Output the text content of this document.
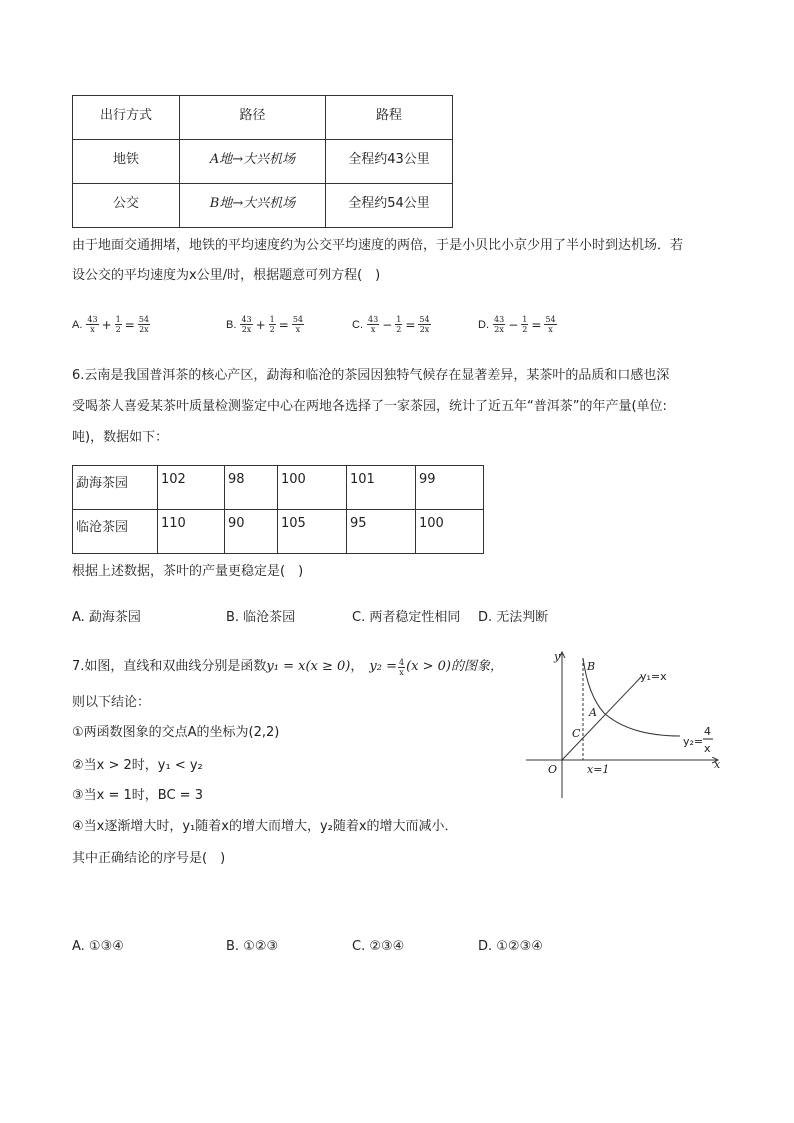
出行方式	路径	路程
地铁	A地→大兴机场	全程约43公里
公交	B地→大兴机场	全程约54公里
由于地面交通拥堵，地铁的平均速度约为公交平均速度的两倍，于是小贝比小京少用了半小时到达机场．若
设公交的平均速度为x公里/时，根据题意可列方程(　)
A. $\frac{43}{x} + \frac{1}{2} = \frac{54}{2x}$	B. $\frac{43}{2x} + \frac{1}{2} = \frac{54}{x}$	C. $\frac{43}{x} - \frac{1}{2} = \frac{54}{2x}$	D. $\frac{43}{2x} - \frac{1}{2} = \frac{54}{x}$
6.云南是我国普洱茶的核心产区，勐海和临沧的茶园因独特气候存在显著差异，某茶叶的品质和口感也深
受喝茶人喜爱某茶叶质量检测鉴定中心在两地各选择了一家茶园，统计了近五年“普洱茶”的年产量(单位:
吨)，数据如下：
勐海茶园	102	98	100	101	99
临沧茶园	110	90	105	95	100
根据上述数据，茶叶的产量更稳定是(　)
A. 勐海茶园	B. 临沧茶园	C. 两者稳定性相同 D. 无法判断
7.如图，直线和双曲线分别是函数 y₁ = x(x ≥ 0) ， $y_2 = \frac{4}{x} (x > 0)$的图象，
则以下结论：
①两函数图象的交点A的坐标为(2,2)
②当x > 2时，y₁ < y₂
③当x = 1时，BC = 3
④当x逐渐增大时，y₁随着x的增大而增大，y₂随着x的增大而减小．
其中正确结论的序号是(　)
A. ①③④	B. ①②③	C. ②③④	D. ①②③④
y
x
O
B
A
C
y₁=x
y₂=
4
x
x=1
